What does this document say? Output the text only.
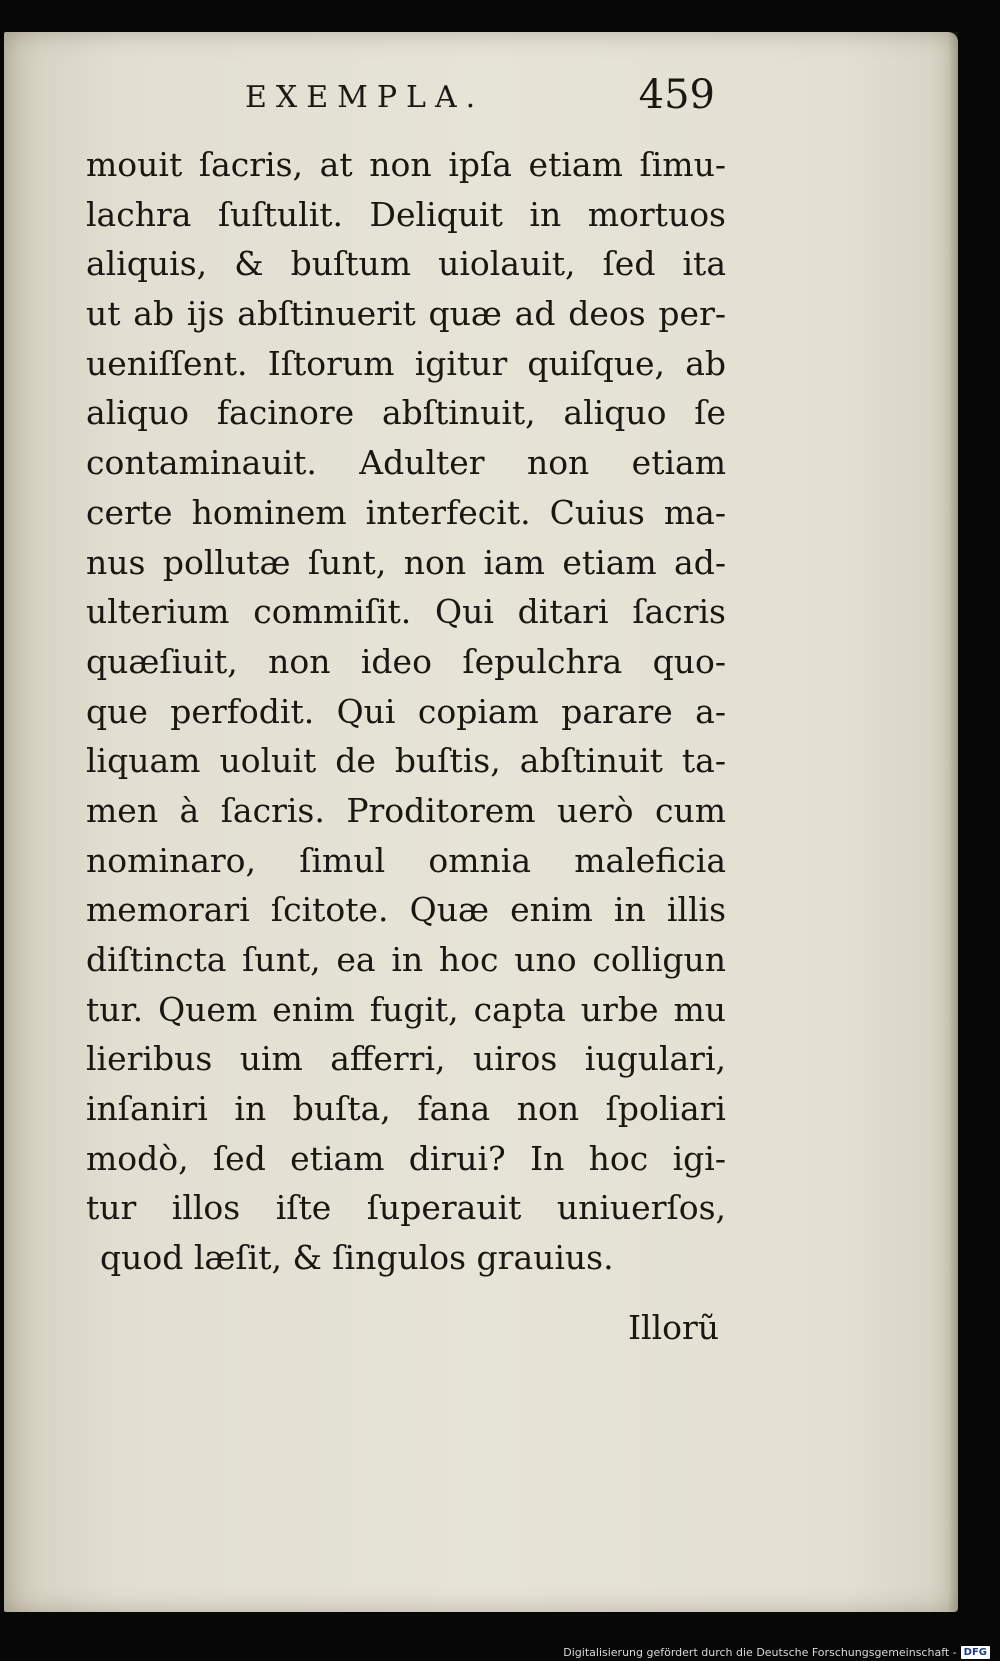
EXEMPLA.	459
mouit ſacris, at non ipſa etiam ſimu-
lachra ſuſtulit. Deliquit in mortuos
aliquis, & buſtum uiolauit, ſed ita
ut ab ijs abſtinuerit quæ ad deos per-
ueniſſent. Iſtorum igitur quiſque, ab
aliquo facinore abſtinuit, aliquo ſe
contaminauit. Adulter non etiam
certe hominem interfecit. Cuius ma-
nus pollutæ ſunt, non iam etiam ad-
ulterium commiſit. Qui ditari ſacris
quæſiuit, non ideo ſepulchra quo-
que perfodit. Qui copiam parare a-
liquam uoluit de buſtis, abſtinuit ta-
men à ſacris. Proditorem uerò cum
nominaro, ſimul omnia maleficia
memorari ſcitote. Quæ enim in illis
diſtincta ſunt, ea in hoc uno colligun
tur. Quem enim fugit, capta urbe mu
lieribus uim afferri, uiros iugulari,
inſaniri in buſta, fana non ſpoliari
modò, ſed etiam dirui? In hoc igi-
tur illos iſte ſuperauit uniuerſos,
quod læſit, & ſingulos grauius.
Illorũ
Digitalisierung gefördert durch die Deutsche Forschungsgemeinschaft - DFG
